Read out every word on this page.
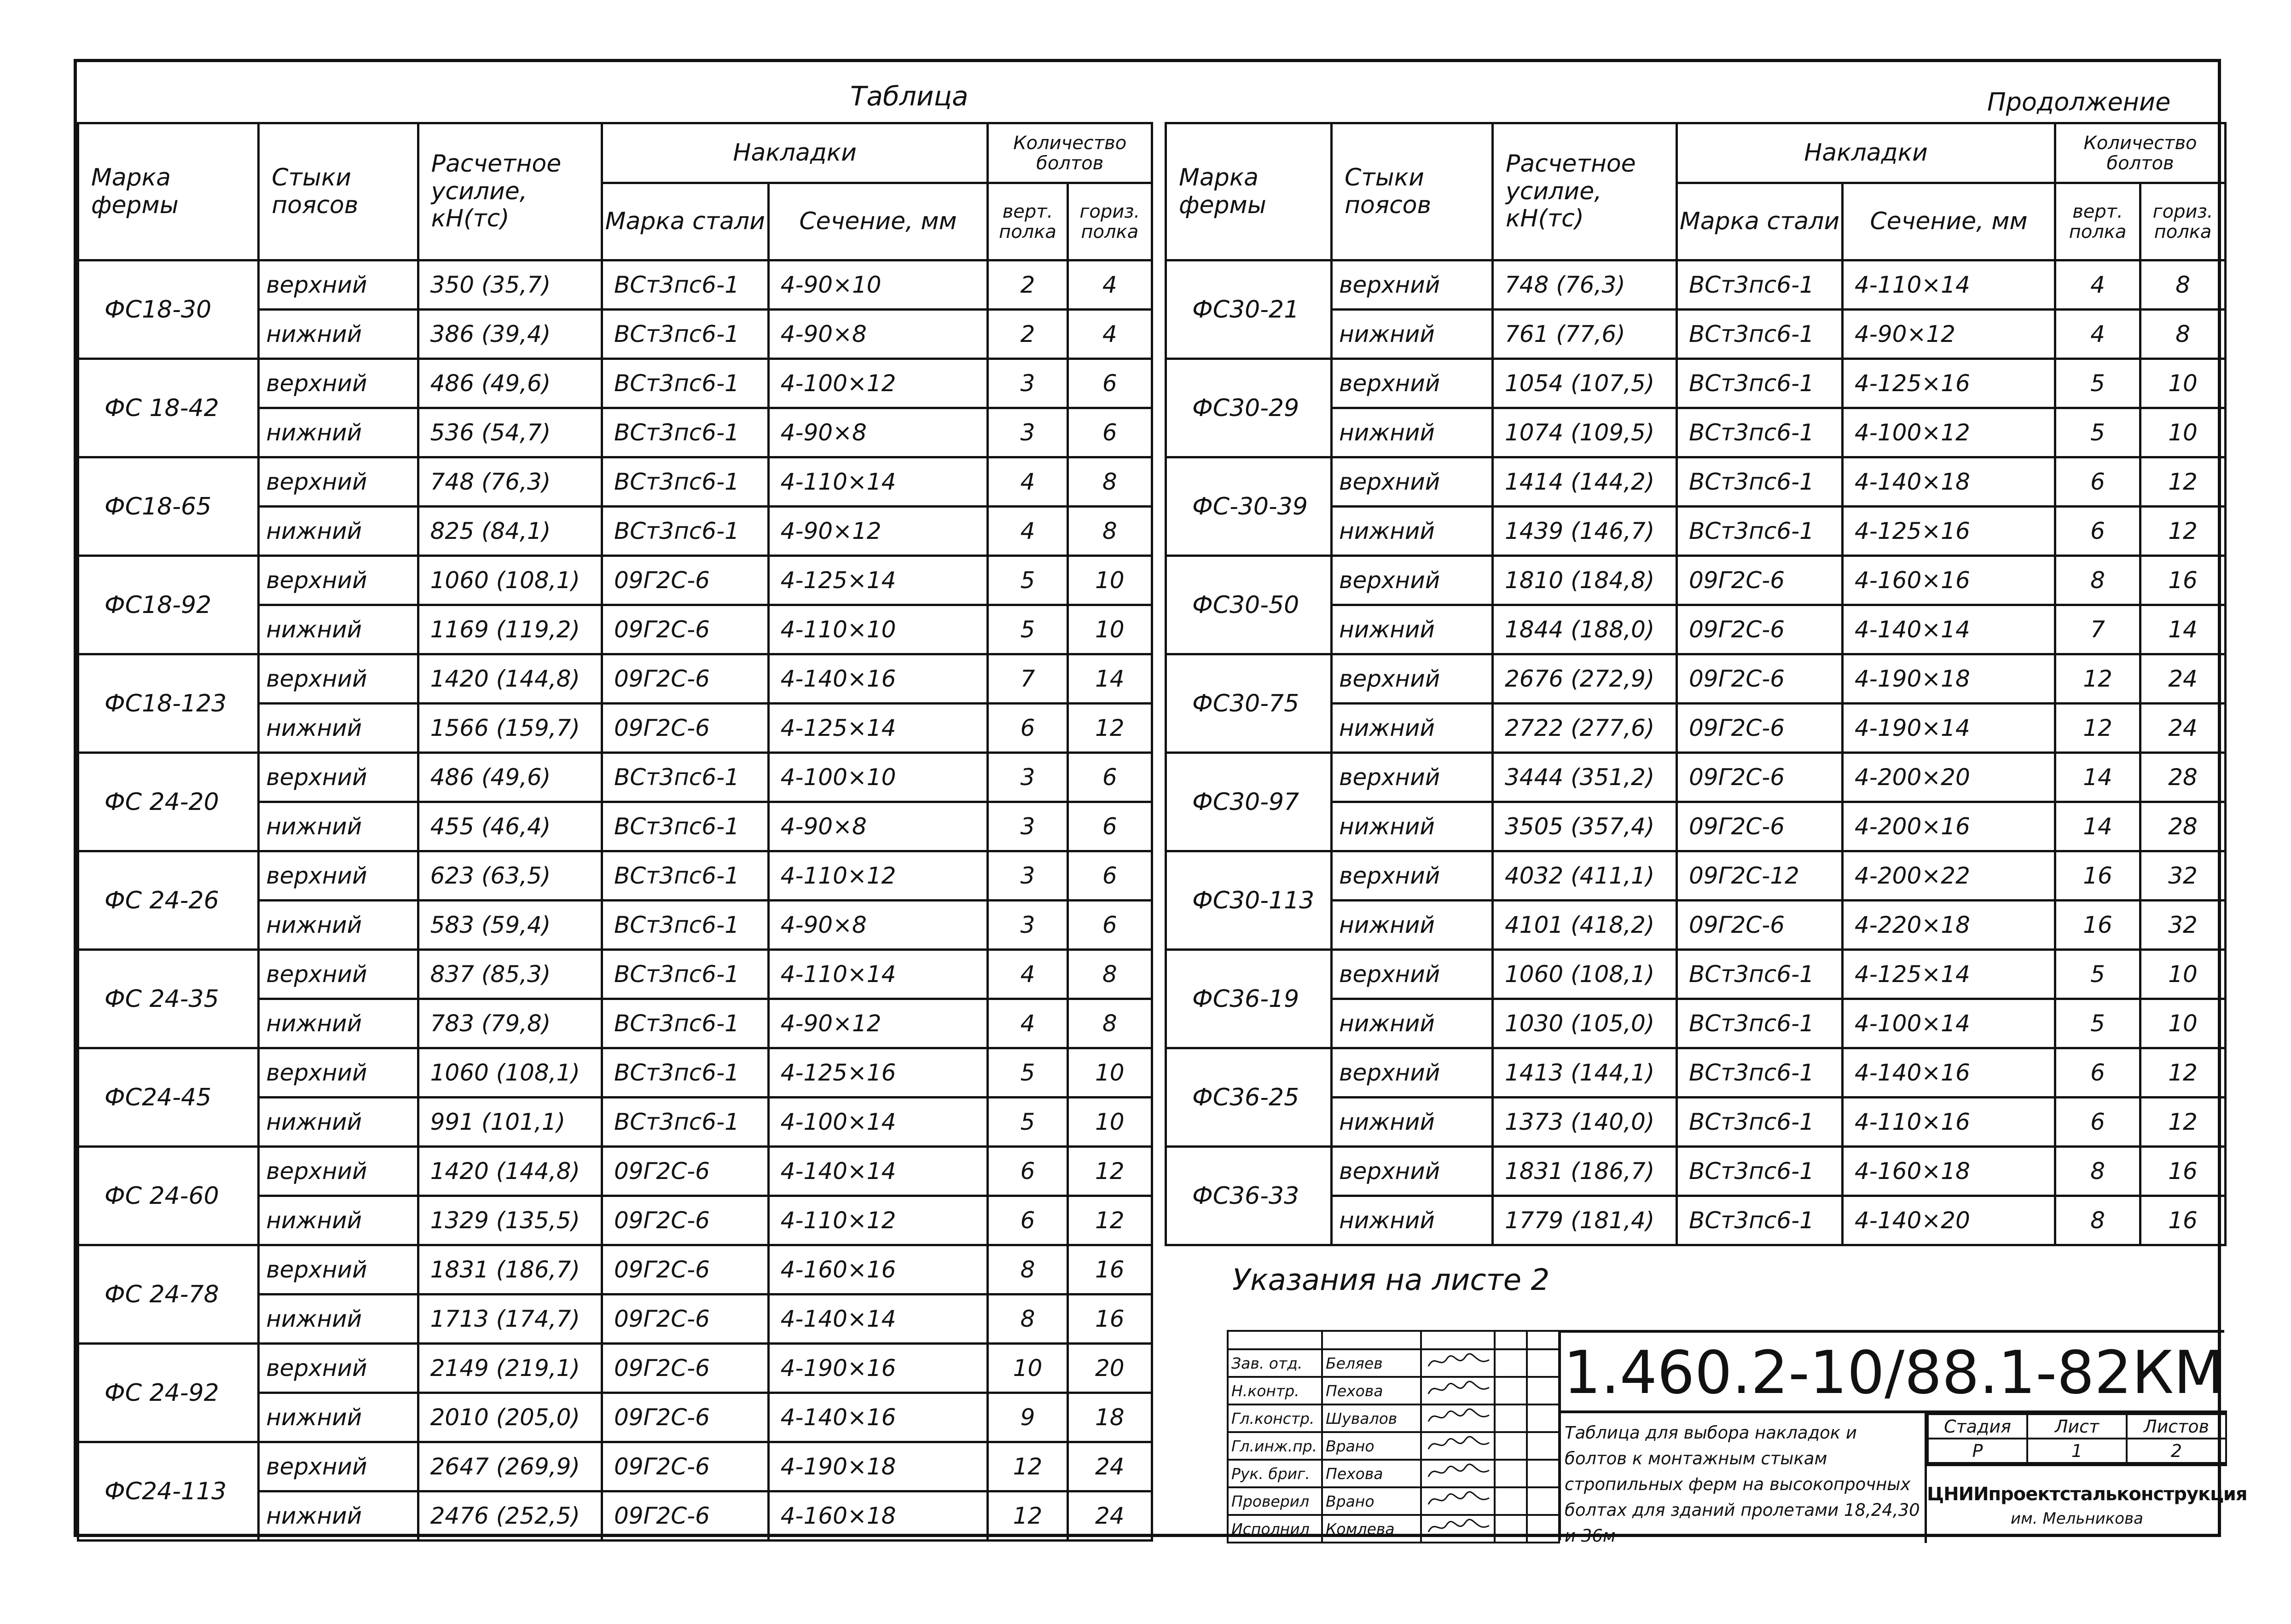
Таблица	Продолжение
Марка фермы	Стыки поясов	Расчетное усилие, кН(тс)	Накладки		Количество болтов	
			Марка стали	Сечение, мм	верт. полка	гориз. полка
ФС18-30	верхний	350 (35,7)	ВСт3пс6-1	4-90×10	2	4
	нижний	386 (39,4)	ВСт3пс6-1	4-90×8	2	4
ФС 18-42	верхний	486 (49,6)	ВСт3пс6-1	4-100×12	3	6
	нижний	536 (54,7)	ВСт3пс6-1	4-90×8	3	6
ФС18-65	верхний	748 (76,3)	ВСт3пс6-1	4-110×14	4	8
	нижний	825 (84,1)	ВСт3пс6-1	4-90×12	4	8
ФС18-92	верхний	1060 (108,1)	09Г2С-6	4-125×14	5	10
	нижний	1169 (119,2)	09Г2С-6	4-110×10	5	10
ФС18-123	верхний	1420 (144,8)	09Г2С-6	4-140×16	7	14
	нижний	1566 (159,7)	09Г2С-6	4-125×14	6	12
ФС 24-20	верхний	486 (49,6)	ВСт3пс6-1	4-100×10	3	6
	нижний	455 (46,4)	ВСт3пс6-1	4-90×8	3	6
ФС 24-26	верхний	623 (63,5)	ВСт3пс6-1	4-110×12	3	6
	нижний	583 (59,4)	ВСт3пс6-1	4-90×8	3	6
ФС 24-35	верхний	837 (85,3)	ВСт3пс6-1	4-110×14	4	8
	нижний	783 (79,8)	ВСт3пс6-1	4-90×12	4	8
ФС24-45	верхний	1060 (108,1)	ВСт3пс6-1	4-125×16	5	10
	нижний	991 (101,1)	ВСт3пс6-1	4-100×14	5	10
ФС 24-60	верхний	1420 (144,8)	09Г2С-6	4-140×14	6	12
	нижний	1329 (135,5)	09Г2С-6	4-110×12	6	12
ФС 24-78	верхний	1831 (186,7)	09Г2С-6	4-160×16	8	16
	нижний	1713 (174,7)	09Г2С-6	4-140×14	8	16
ФС 24-92	верхний	2149 (219,1)	09Г2С-6	4-190×16	10	20
	нижний	2010 (205,0)	09Г2С-6	4-140×16	9	18
ФС24-113	верхний	2647 (269,9)	09Г2С-6	4-190×18	12	24
	нижний	2476 (252,5)	09Г2С-6	4-160×18	12	24
Марка фермы	Стыки поясов	Расчетное усилие, кН(тс)	Накладки		Количество болтов	
			Марка стали	Сечение, мм	верт. полка	гориз. полка
ФС30-21	верхний	748 (76,3)	ВСт3пс6-1	4-110×14	4	8
	нижний	761 (77,6)	ВСт3пс6-1	4-90×12	4	8
ФС30-29	верхний	1054 (107,5)	ВСт3пс6-1	4-125×16	5	10
	нижний	1074 (109,5)	ВСт3пс6-1	4-100×12	5	10
ФС-30-39	верхний	1414 (144,2)	ВСт3пс6-1	4-140×18	6	12
	нижний	1439 (146,7)	ВСт3пс6-1	4-125×16	6	12
ФС30-50	верхний	1810 (184,8)	09Г2С-6	4-160×16	8	16
	нижний	1844 (188,0)	09Г2С-6	4-140×14	7	14
ФС30-75	верхний	2676 (272,9)	09Г2С-6	4-190×18	12	24
	нижний	2722 (277,6)	09Г2С-6	4-190×14	12	24
ФС30-97	верхний	3444 (351,2)	09Г2С-6	4-200×20	14	28
	нижний	3505 (357,4)	09Г2С-6	4-200×16	14	28
ФС30-113	верхний	4032 (411,1)	09Г2С-12	4-200×22	16	32
	нижний	4101 (418,2)	09Г2С-6	4-220×18	16	32
ФС36-19	верхний	1060 (108,1)	ВСт3пс6-1	4-125×14	5	10
	нижний	1030 (105,0)	ВСт3пс6-1	4-100×14	5	10
ФС36-25	верхний	1413 (144,1)	ВСт3пс6-1	4-140×16	6	12
	нижний	1373 (140,0)	ВСт3пс6-1	4-110×16	6	12
ФС36-33	верхний	1831 (186,7)	ВСт3пс6-1	4-160×18	8	16
	нижний	1779 (181,4)	ВСт3пс6-1	4-140×20	8	16
Указания на листе 2

Зав. отд.	Беляев			
Н.контр.	Пехова			
Гл.констр.	Шувалов			
Гл.инж.пр.	Врано			
Рук. бриг.	Пехова			
Проверил	Врано			
Исполнил	Комлева			
1.460.2-10/88.1-82КМ
Таблица для выбора накладок и болтов к монтажным стыкам стропильных ферм на высокопрочных болтах для зданий пролетами 18,24,30 и 36м
Стадия	Лист	Листов
Р	1	2
ЦНИИпроектстальконструкция
им. Мельникова
